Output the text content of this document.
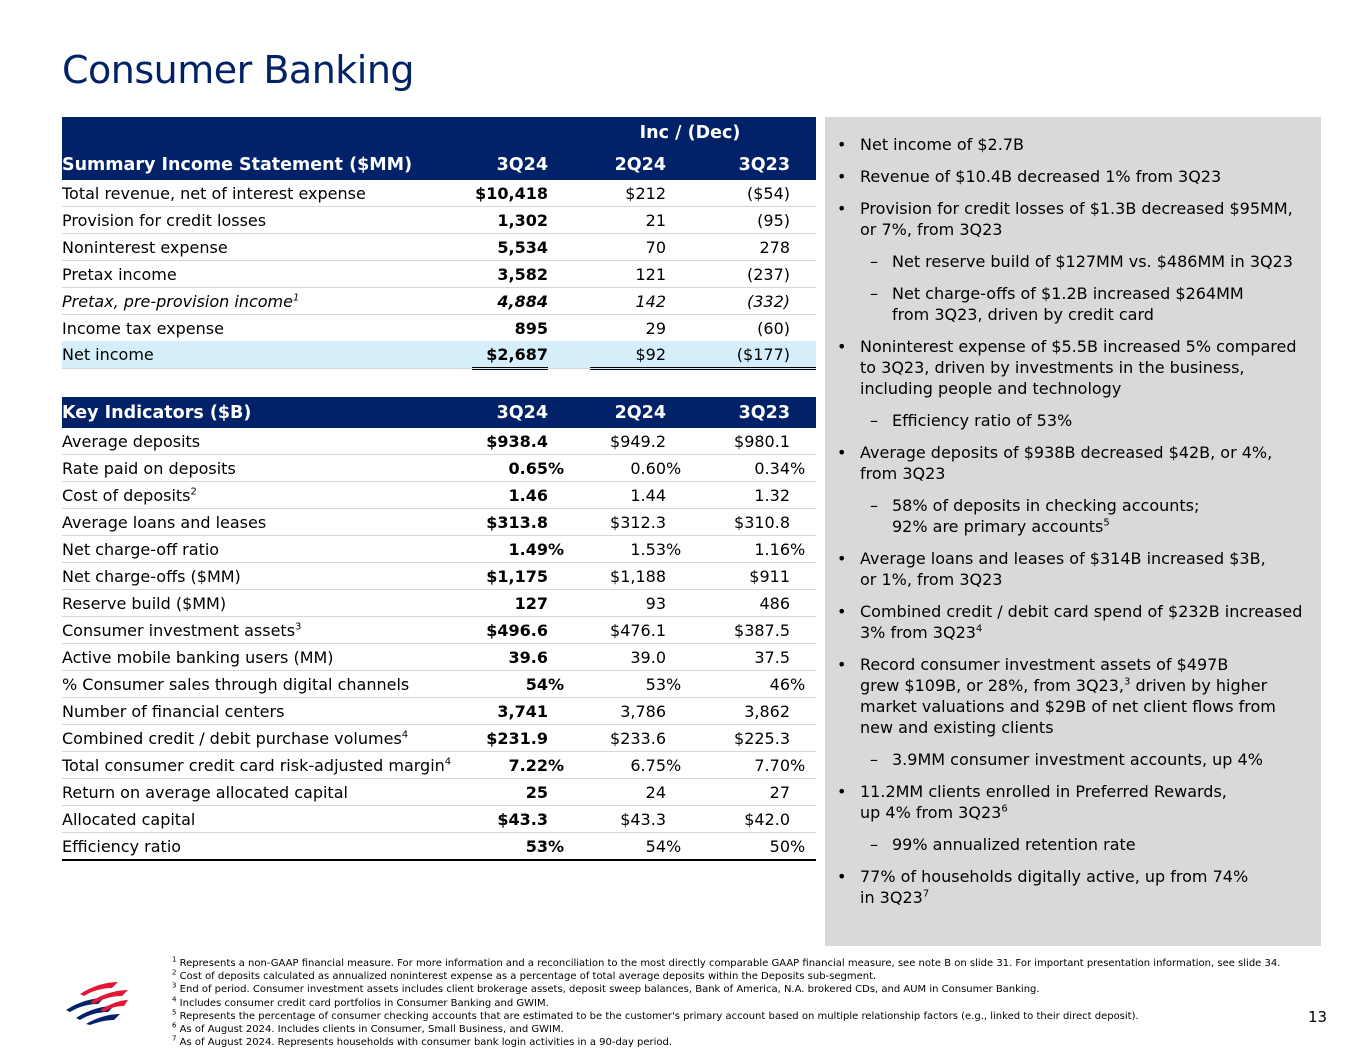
Consumer Banking
			Inc / (Dec)			
Summary Income Statement ($MM)	3Q24		2Q24		3Q23	
Total revenue, net of interest expense	$10,418		$212		($54)	
Provision for credit losses	1,302		21		(95)	
Noninterest expense	5,534		70		278	
Pretax income	3,582		121		(237)	
Pretax, pre-provision income$^1$	4,884		142		(332)	
Income tax expense	895		29		(60)	
Net income	$2,687		$92		($177)	
Key Indicators ($B)	3Q24		2Q24		3Q23	
Average deposits	$938.4		$949.2		$980.1	
Rate paid on deposits	0.65	%	0.60	%	0.34	%
Cost of deposits$^2$	1.46		1.44		1.32	
Average loans and leases	$313.8		$312.3		$310.8	
Net charge-off ratio	1.49	%	1.53	%	1.16	%
Net charge-offs ($MM)	$1,175		$1,188		$911	
Reserve build ($MM)	127		93		486	
Consumer investment assets$^3$	$496.6		$476.1		$387.5	
Active mobile banking users (MM)	39.6		39.0		37.5	
% Consumer sales through digital channels	54	%	53	%	46	%
Number of financial centers	3,741		3,786		3,862	
Combined credit / debit purchase volumes$^4$	$231.9		$233.6		$225.3	
Total consumer credit card risk-adjusted margin$^4$	7.22	%	6.75	%	7.70	%
Return on average allocated capital	25		24		27	
Allocated capital	$43.3		$43.3		$42.0	
Efficiency ratio	53	%	54	%	50	%
• Net income of $2.7B
• Revenue of $10.4B decreased 1% from 3Q23
• Provision for credit losses of $1.3B decreased $95MM,
or 7%, from 3Q23
– Net reserve build of $127MM vs. $486MM in 3Q23
– Net charge-offs of $1.2B increased $264MM
from 3Q23, driven by credit card
• Noninterest expense of $5.5B increased 5% compared
to 3Q23, driven by investments in the business,
including people and technology
– Efficiency ratio of 53%
• Average deposits of $938B decreased $42B, or 4%,
from 3Q23
– 58% of deposits in checking accounts;
92% are primary accounts$^5$
• Average loans and leases of $314B increased $3B,
or 1%, from 3Q23
• Combined credit / debit card spend of $232B increased
3% from $3Q23^4$
• Record consumer investment assets of $497B
grew $109B, or 28%, from 3Q23,$^3$ driven by higher
market valuations and $29B of net client flows from
new and existing clients
– 3.9MM consumer investment accounts, up 4%
• 11.2MM clients enrolled in Preferred Rewards,
up 4% from $3Q23^6$
– 99% annualized retention rate
• 77% of households digitally active, up from 74%
in $3Q23^7$
$^1$ Represents a non-GAAP financial measure. For more information and a reconciliation to the most directly comparable GAAP financial measure, see note B on slide 31. For important presentation information, see slide 34.
$^2$ Cost of deposits calculated as annualized noninterest expense as a percentage of total average deposits within the Deposits sub-segment.
$^3$ End of period. Consumer investment assets includes client brokerage assets, deposit sweep balances, Bank of America, N.A. brokered CDs, and AUM in Consumer Banking.
$^4$ Includes consumer credit card portfolios in Consumer Banking and GWIM.
$^5$ Represents the percentage of consumer checking accounts that are estimated to be the customer's primary account based on multiple relationship factors (e.g., linked to their direct deposit).
$^6$ As of August 2024. Includes clients in Consumer, Small Business, and GWIM.
$^7$ As of August 2024. Represents households with consumer bank login activities in a 90-day period.
13
